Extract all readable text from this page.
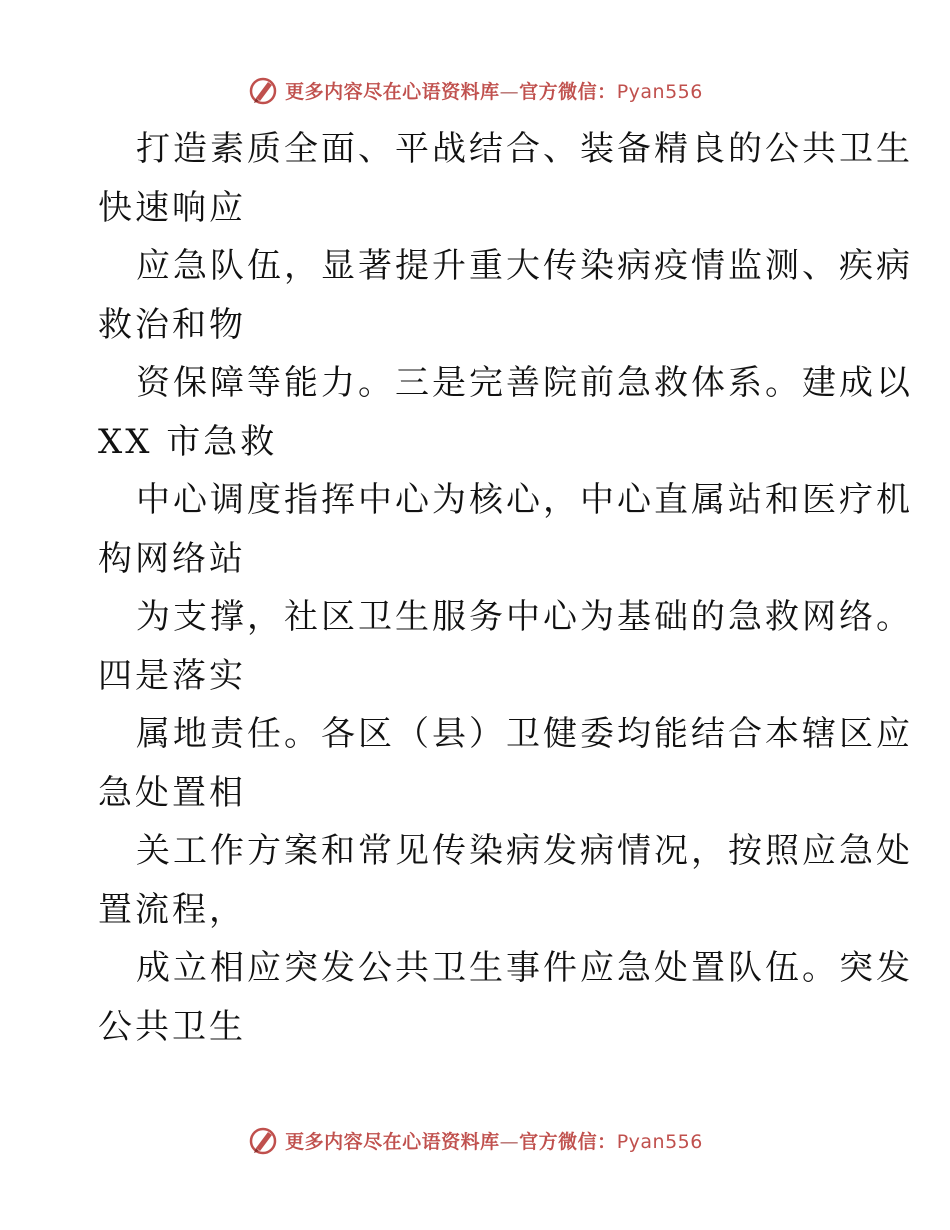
更多内容尽在心语资料库—官方微信：Pyan556

打造素质全面、平战结合、装备精良的公共卫生
快速响应

应急队伍，显著提升重大传染病疫情监测、疾病
救治和物

资保障等能力。三是完善院前急救体系。建成以
XX 市急救

中心调度指挥中心为核心，中心直属站和医疗机
构网络站

为支撑，社区卫生服务中心为基础的急救网络。
四是落实

属地责任。各区（县）卫健委均能结合本辖区应
急处置相

关工作方案和常见传染病发病情况，按照应急处
置流程，

成立相应突发公共卫生事件应急处置队伍。突发
公共卫生

更多内容尽在心语资料库—官方微信：Pyan556
